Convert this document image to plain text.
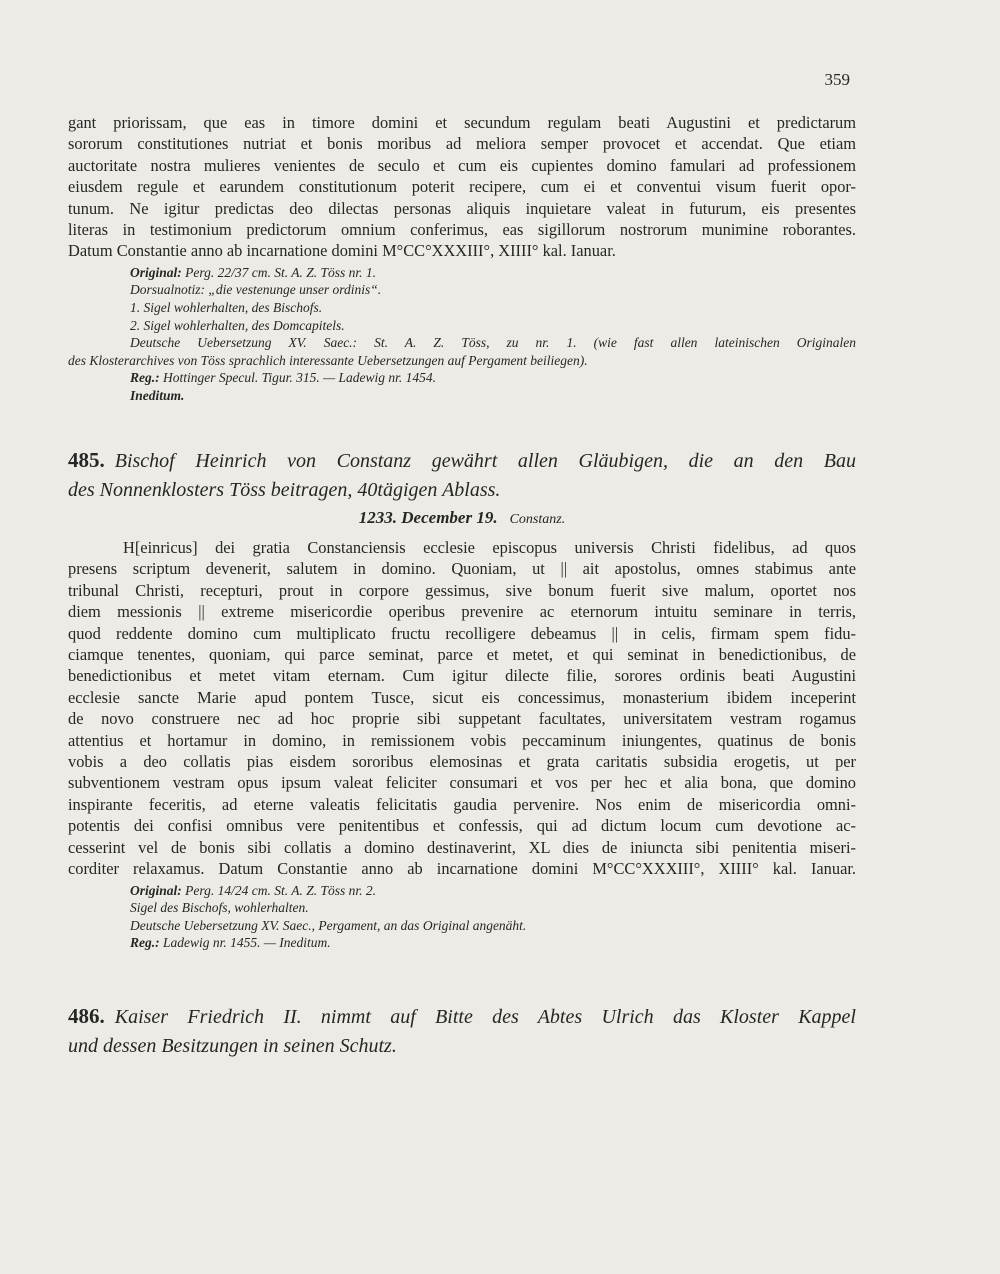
359
gant priorissam, que eas in timore domini et secundum regulam beati Augustini et predictarum
sororum constitutiones nutriat et bonis moribus ad meliora semper provocet et accendat. Que etiam
auctoritate nostra mulieres venientes de seculo et cum eis cupientes domino famulari ad professionem
eiusdem regule et earundem constitutionum poterit recipere, cum ei et conventui visum fuerit opor-
tunum. Ne igitur predictas deo dilectas personas aliquis inquietare valeat in futurum, eis presentes
literas in testimonium predictorum omnium conferimus, eas sigillorum nostrorum munimine roborantes.
Datum Constantie anno ab incarnatione domini M°CC°XXXIII°, XIIII° kal. Ianuar.
Original: Perg. 22/37 cm. St. A. Z. Töss nr. 1.
Dorsualnotiz: „die vestenunge unser ordinis“.
1. Sigel wohlerhalten, des Bischofs.
2. Sigel wohlerhalten, des Domcapitels.
Deutsche Uebersetzung XV. Saec.: St. A. Z. Töss, zu nr. 1. (wie fast allen lateinischen Originalen
des Klosterarchives von Töss sprachlich interessante Uebersetzungen auf Pergament beiliegen).
Reg.: Hottinger Specul. Tigur. 315. — Ladewig nr. 1454.
Ineditum.
485. Bischof Heinrich von Constanz gewährt allen Gläubigen, die an den Bau
des Nonnenklosters Töss beitragen, 40tägigen Ablass.
1233. December 19. Constanz.
H[einricus] dei gratia Constanciensis ecclesie episcopus universis Christi fidelibus, ad quos
presens scriptum devenerit, salutem in domino. Quoniam, ut || ait apostolus, omnes stabimus ante
tribunal Christi, recepturi, prout in corpore gessimus, sive bonum fuerit sive malum, oportet nos
diem messionis || extreme misericordie operibus prevenire ac eternorum intuitu seminare in terris,
quod reddente domino cum multiplicato fructu recolligere debeamus || in celis, firmam spem fidu-
ciamque tenentes, quoniam, qui parce seminat, parce et metet, et qui seminat in benedictionibus, de
benedictionibus et metet vitam eternam. Cum igitur dilecte filie, sorores ordinis beati Augustini
ecclesie sancte Marie apud pontem Tusce, sicut eis concessimus, monasterium ibidem inceperint
de novo construere nec ad hoc proprie sibi suppetant facultates, universitatem vestram rogamus
attentius et hortamur in domino, in remissionem vobis peccaminum iniungentes, quatinus de bonis
vobis a deo collatis pias eisdem sororibus elemosinas et grata caritatis subsidia erogetis, ut per
subventionem vestram opus ipsum valeat feliciter consumari et vos per hec et alia bona, que domino
inspirante feceritis, ad eterne valeatis felicitatis gaudia pervenire. Nos enim de misericordia omni-
potentis dei confisi omnibus vere penitentibus et confessis, qui ad dictum locum cum devotione ac-
cesserint vel de bonis sibi collatis a domino destinaverint, XL dies de iniuncta sibi penitentia miseri-
corditer relaxamus. Datum Constantie anno ab incarnatione domini M°CC°XXXIII°, XIIII° kal. Ianuar.
Original: Perg. 14/24 cm. St. A. Z. Töss nr. 2.
Sigel des Bischofs, wohlerhalten.
Deutsche Uebersetzung XV. Saec., Pergament, an das Original angenäht.
Reg.: Ladewig nr. 1455. — Ineditum.
486. Kaiser Friedrich II. nimmt auf Bitte des Abtes Ulrich das Kloster Kappel
und dessen Besitzungen in seinen Schutz.
